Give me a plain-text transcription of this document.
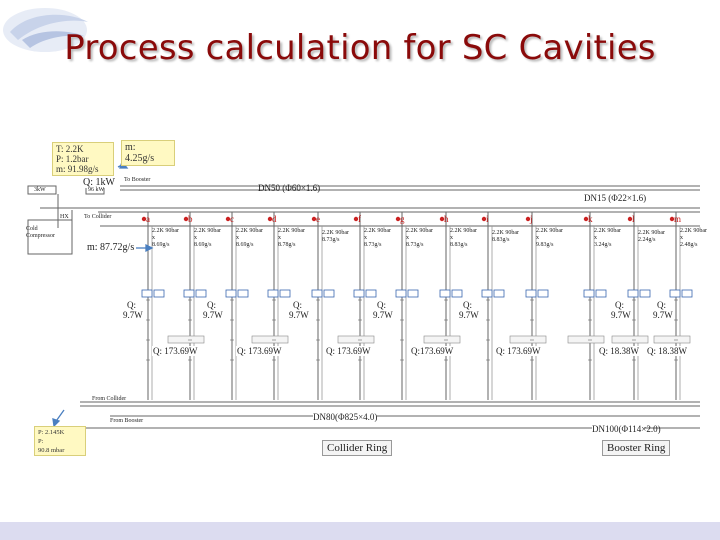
Process calculation for SC Cavities
T: 2.2K
P: 1.2bar
m: 91.98g/s
m:
4.25g/s
Q: 1kW	DN50 (Φ60×1.6)
DN15 (Φ22×1.6)
m: 87.72g/s
DN80(Φ825×4.0)
DN100(Φ114×2.0)
P: 2.145K
P:
90.8 mbar	Collider Ring	Booster Ring
To Booster
To Collider
From Collider
From Booster
Cold Compressor
HX
3kW	96 kW
a
2.2K 90bar
x
8.69g/s
b
2.2K 90bar
x
8.69g/s
c
2.2K 90bar
x
8.69g/s
d
2.2K 90bar
x
8.78g/s
e
2.2K 90bar
8.73g/s
f
2.2K 90bar
x
8.73g/s
g
2.2K 90bar
x
8.73g/s
h
2.2K 90bar
x
8.83g/s
i
2.2K 90bar
8.83g/s
j
2.2K 90bar
x
9.83g/s
k
2.2K 90bar
x
3.24g/s
l
2.2K 90bar
2.24g/s
m
2.2K 90bar
x
2.48g/s
Q:
9.7W
Q:
9.7W
Q:
9.7W
Q:
9.7W
Q:
9.7W
Q:
9.7W
Q:
9.7W
Q: 173.69W	Q: 173.69W	Q: 173.69W	Q:173.69W	Q: 173.69W	Q: 18.38W Q: 18.38W
